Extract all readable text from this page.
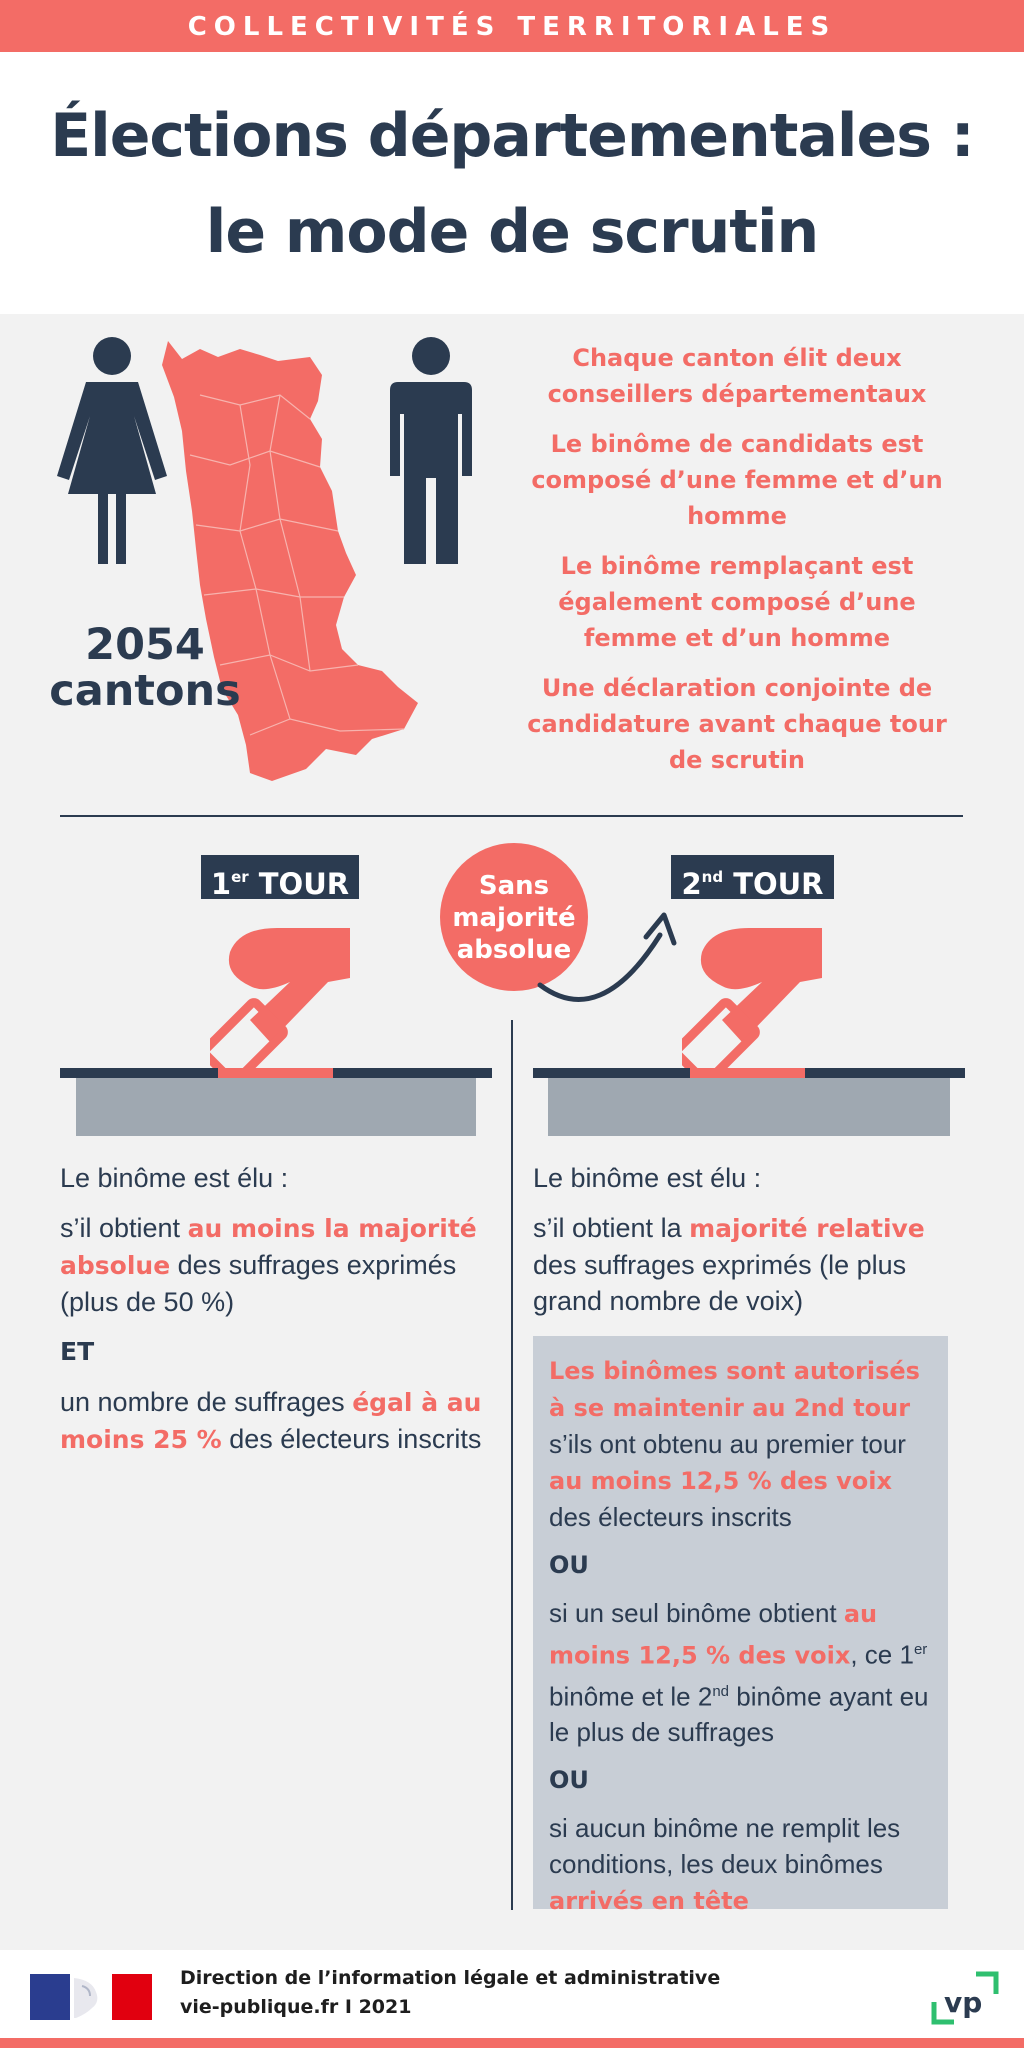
COLLECTIVITÉS TERRITORIALES
Élections départementales :
le mode de scrutin
2054
cantons

Chaque canton élit deux conseillers départementaux

Le binôme de candidats est composé d’une femme et d’un homme

Le binôme remplaçant est également composé d’une femme et d’un homme

Une déclaration conjointe de candidature avant chaque tour de scrutin

1er TOUR	2nd TOUR
Sans
majorité
absolue

Le binôme est élu :

s’il obtient au moins la majorité absolue des suffrages exprimés (plus de 50 %)

ET

un nombre de suffrages égal à au moins 25 % des électeurs inscrits

Le binôme est élu :

s’il obtient la majorité relative des suffrages exprimés (le plus grand nombre de voix)

Les binômes sont autorisés à se maintenir au 2nd tour s’ils ont obtenu au premier tour au moins 12,5 % des voix des électeurs inscrits

OU

si un seul binôme obtient au moins 12,5 % des voix, ce 1er binôme et le 2nd binôme ayant eu le plus de suffrages

OU

si aucun binôme ne remplit les conditions, les deux binômes arrivés en tête

Direction de l’information légale et administrative
vie-publique.fr I 2021	vp
